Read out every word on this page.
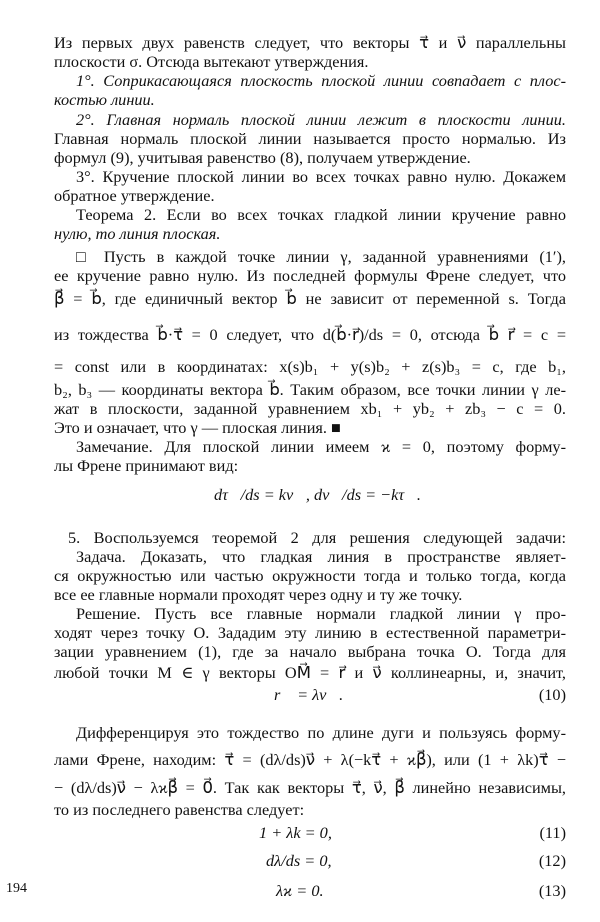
Из первых двух равенств следует, что векторы τ⃗ и ν⃗ параллельны
плоскости σ. Отсюда вытекают утверждения.
1°. Соприкасающаяся плоскость плоской линии совпадает с плос-
костью линии.
2°. Главная нормаль плоской линии лежит в плоскости линии.
Главная нормаль плоской линии называется просто нормалью. Из
формул (9), учитывая равенство (8), получаем утверждение.
3°. Кручение плоской линии во всех точках равно нулю. Докажем
обратное утверждение.
Теорема 2. Если во всех точках гладкой линии кручение равно
нулю, то линия плоская.
□ Пусть в каждой точке линии γ, заданной уравнениями (1′),
ее кручение равно нулю. Из последней формулы Френе следует, что
β⃗ = b⃗, где единичный вектор b⃗ не зависит от переменной s. Тогда
из тождества b⃗·τ⃗ = 0 следует, что d(b⃗·r⃗)/ds = 0, отсюда b⃗ r⃗ = c =
= const или в координатах: x(s)b₁ + y(s)b₂ + z(s)b₃ = c, где b₁,
b₂, b₃ — координаты вектора b⃗. Таким образом, все точки линии γ ле-
жат в плоскости, заданной уравнением xb₁ + yb₂ + zb₃ − c = 0.
Это и означает, что γ — плоская линия. ■
Замечание. Для плоской линии имеем ϰ = 0, поэтому форму-
лы Френе принимают вид:
dτ⃗/ds = kν⃗, dν⃗/ds = −kτ⃗.
5. Воспользуемся теоремой 2 для решения следующей задачи:
Задача. Доказать, что гладкая линия в пространстве являет-
ся окружностью или частью окружности тогда и только тогда, когда
все ее главные нормали проходят через одну и ту же точку.
Решение. Пусть все главные нормали гладкой линии γ про-
ходят через точку O. Зададим эту линию в естественной параметри-
зации уравнением (1), где за начало выбрана точка O. Тогда для
любой точки M ∈ γ векторы OM⃗ = r⃗ и ν⃗ коллинеарны, и, значит,
r⃗ = λν⃗.	(10)
Дифференцируя это тождество по длине дуги и пользуясь форму-
лами Френе, находим: τ⃗ = (dλ/ds)ν⃗ + λ(−kτ⃗ + ϰβ⃗), или (1 + λk)τ⃗ −
− (dλ/ds)ν⃗ − λϰβ⃗ = 0⃗. Так как векторы τ⃗, ν⃗, β⃗ линейно независимы,
то из последнего равенства следует:
1 + λk = 0,	(11)
dλ/ds = 0,	(12)
λϰ = 0.	(13)
194
